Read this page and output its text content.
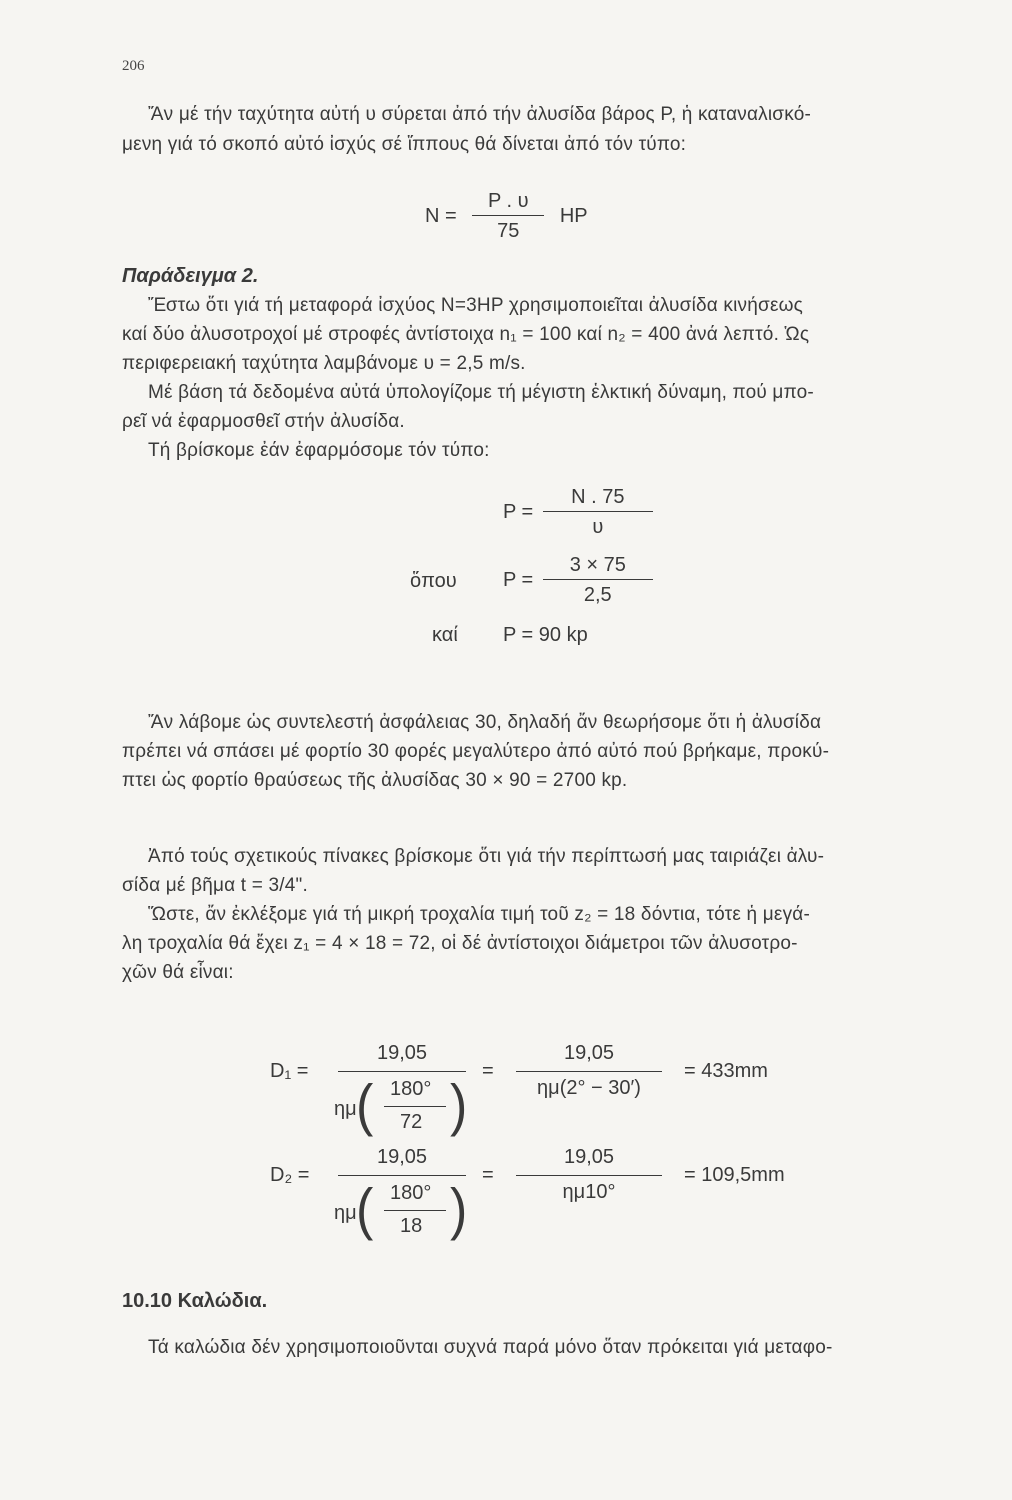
206
Ἄν μέ τήν ταχύτητα αὐτή υ σύρεται ἀπό τήν ἀλυσίδα βάρος Ρ, ἡ καταναλισκό-
μενη γιά τό σκοπό αὐτό ἰσχύς σέ ἵππους θά δίνεται ἀπό τόν τύπο:
$N = \frac{P . \upsilon}{75}$ HP
Παράδειγμα 2.
Ἔστω ὅτι γιά τή μεταφορά ἰσχύος Ν=3ΗΡ χρησιμοποιεῖται ἀλυσίδα κινήσεως
καί δύο ἀλυσοτροχοί μέ στροφές ἀντίστοιχα n₁ = 100 καί n₂ = 400 ἀνά λεπτό. Ὡς
περιφερειακή ταχύτητα λαμβάνομε υ = 2,5 m/s.
Μέ βάση τά δεδομένα αὐτά ὑπολογίζομε τή μέγιστη ἑλκτική δύναμη, πού μπο-
ρεῖ νά ἐφαρμοσθεῖ στήν ἀλυσίδα.
Τή βρίσκομε ἐάν ἐφαρμόσομε τόν τύπο:
$P = \frac{N . 75}{\upsilon}$
ὅπου $P = \frac{3 \times 75}{2,5}$
καί P = 90 kp
Ἄν λάβομε ὡς συντελεστή ἀσφάλειας 30, δηλαδή ἄν θεωρήσομε ὅτι ἡ ἀλυσίδα
πρέπει νά σπάσει μέ φορτίο 30 φορές μεγαλύτερο ἀπό αὐτό πού βρήκαμε, προκύ-
πτει ὡς φορτίο θραύσεως τῆς ἀλυσίδας 30 × 90 = 2700 kp.
Ἀπό τούς σχετικούς πίνακες βρίσκομε ὅτι γιά τήν περίπτωσή μας ταιριάζει ἀλυ-
σίδα μέ βῆμα t = 3/4".
Ὥστε, ἄν ἐκλέξομε γιά τή μικρή τροχαλία τιμή τοῦ z₂ = 18 δόντια, τότε ἡ μεγά-
λη τροχαλία θά ἔχει z₁ = 4 × 18 = 72, οἱ δέ ἀντίστοιχοι διάμετροι τῶν ἀλυσοτρο-
χῶν θά εἶναι:
D₁ =
19,05
ημ ( 180°
72 )
=
19,05
ημ(2° − 30′)
= 433mm
D₂ =
19,05
ημ ( 180°
18 )
=
19,05
ημ10°
= 109,5mm
10.10 Καλώδια.
Τά καλώδια δέν χρησιμοποιοῦνται συχνά παρά μόνο ὅταν πρόκειται γιά μεταφο-
